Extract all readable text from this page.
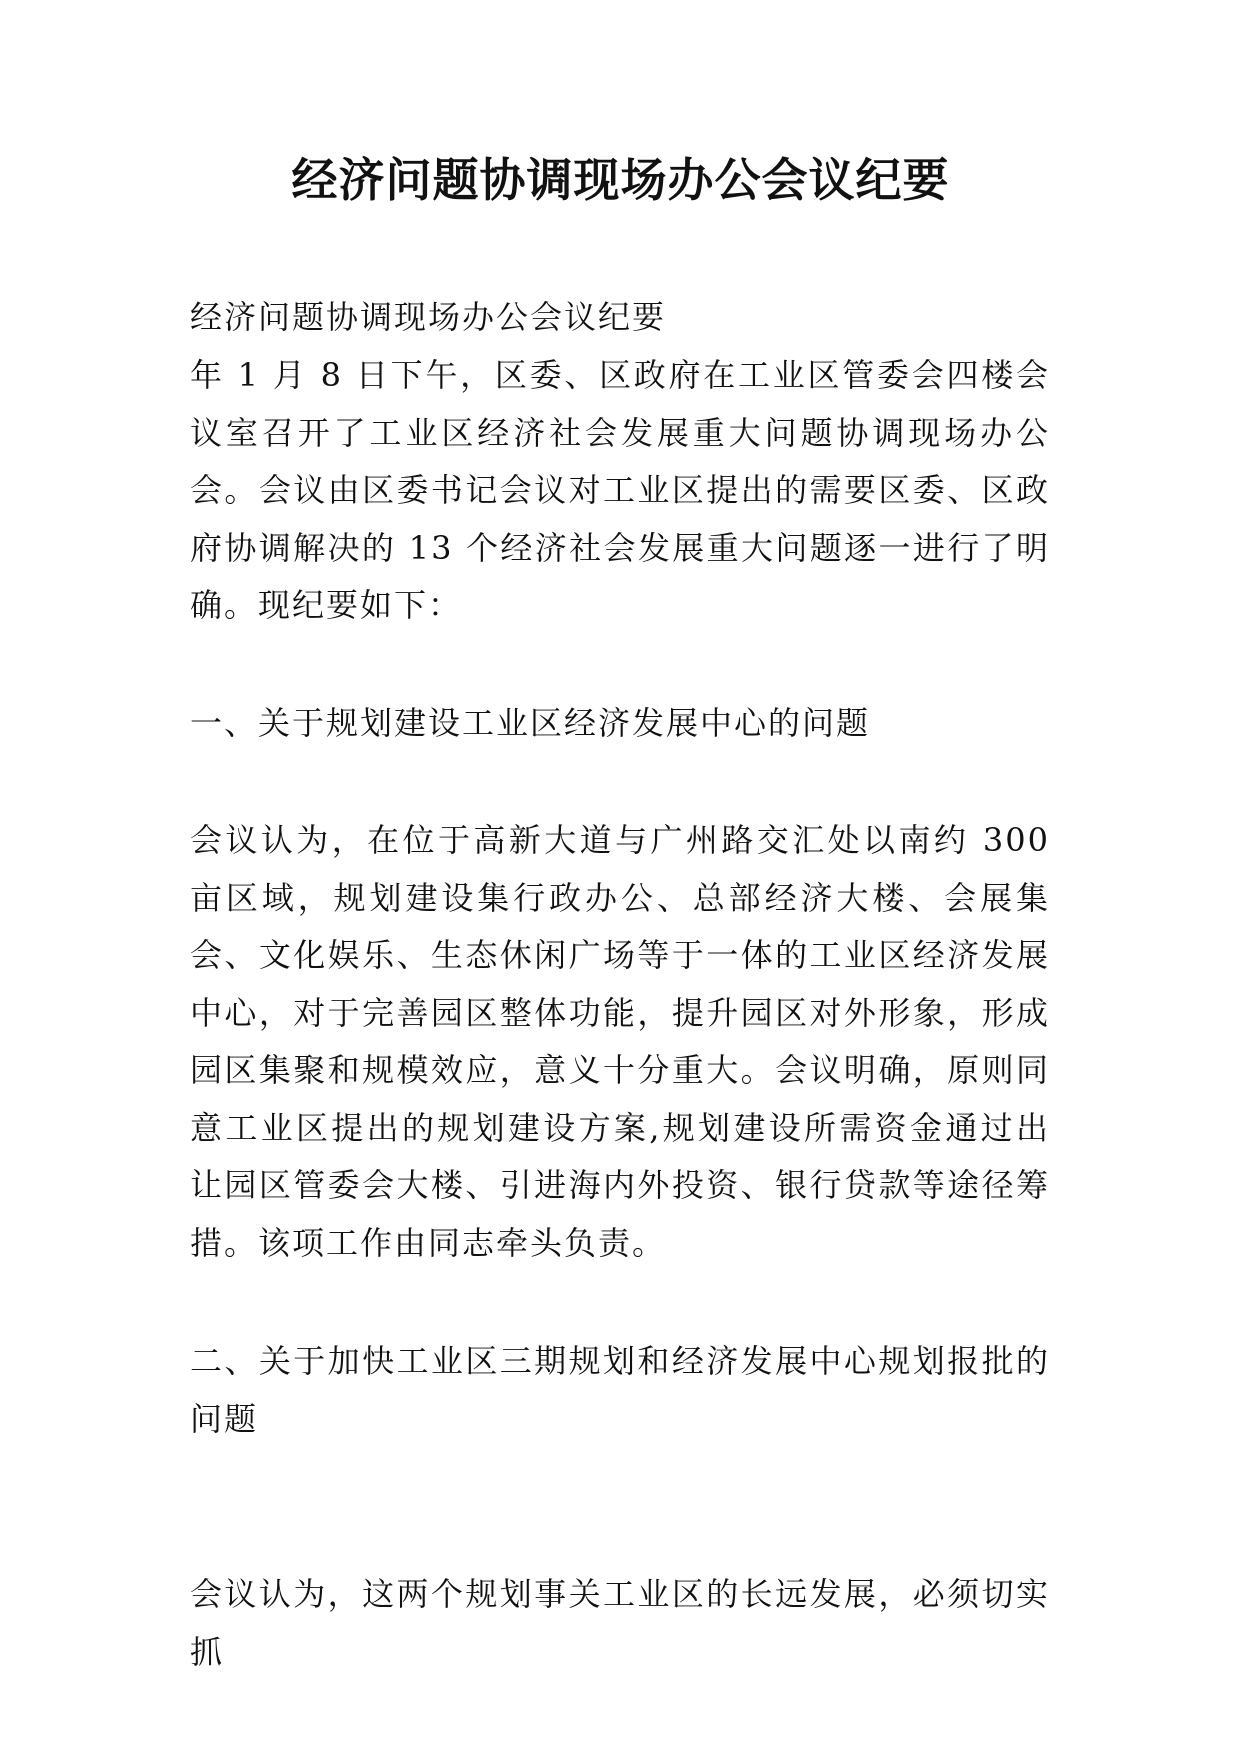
经济问题协调现场办公会议纪要

经济问题协调现场办公会议纪要

年 1 月 8 日下午，区委、区政府在工业区管委会四楼会议室召开了工业区经济社会发展重大问题协调现场办公会。会议由区委书记会议对工业区提出的需要区委、区政府协调解决的 13 个经济社会发展重大问题逐一进行了明确。现纪要如下：

一、关于规划建设工业区经济发展中心的问题

会议认为，在位于高新大道与广州路交汇处以南约 300 亩区域，规划建设集行政办公、总部经济大楼、会展集会、文化娱乐、生态休闲广场等于一体的工业区经济发展中心，对于完善园区整体功能，提升园区对外形象，形成园区集聚和规模效应，意义十分重大。会议明确，原则同意工业区提出的规划建设方案,规划建设所需资金通过出让园区管委会大楼、引进海内外投资、银行贷款等途径筹措。该项工作由同志牵头负责。

二、关于加快工业区三期规划和经济发展中心规划报批的问题

会议认为，这两个规划事关工业区的长远发展，必须切实抓
